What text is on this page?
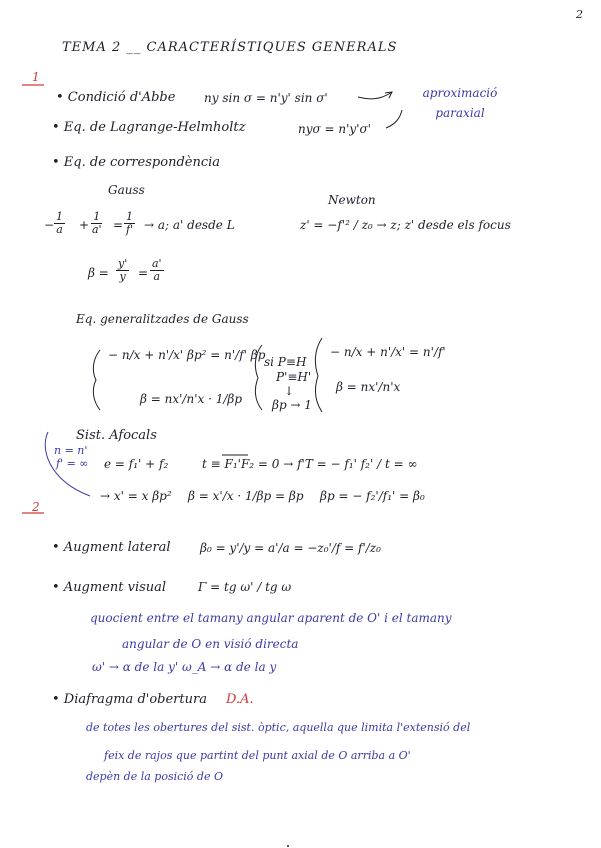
2
TEMA 2 __ CARACTERÍSTIQUES GENERALS
1
• Condició d'Abbe ny sin σ = n'y' sin σ'	aproximació paraxial
• Eq. de Lagrange-Helmholtz	nyσ = n'y'σ'
• Eq. de correspondència
Gauss
Newton
− $\frac{1}{a} + \frac{1}{a'} = \frac{1}{f'} \to a$; a' desde L	z' = −f'² / z₀ → z; z' desde els focus
$\beta = \frac{y'}{y} = \frac{a'}{a}$
Eq. generalitzades de Gauss
− n/x + n'/x' βp² = n'/f' βp
β = nx'/n'x · 1/βp
si P≡H
P'≡H'
↓
βp → 1
− n/x + n'/x' = n'/f'
β = nx'/n'x
Sist. Afocals
n = n'
f' = ∞ e = f₁' + f₂	t ≡ F₁'F₂ = 0 → f'T = − f₁' f₂' / t = ∞
→ x' = x βp² β = x'/x · 1/βp = βp βp = − f₂'/f₁' = β₀
2
• Augment lateral β₀ = y'/y = a'/a = −z₀'/f = f'/z₀
• Augment visual	Γ = tg ω' / tg ω
quocient entre el tamany angular aparent de O' i el tamany
angular de O en visió directa
ω' → α de la y' ω_A → α de la y
• Diafragma d'obertura D.A.
de totes les obertures del sist. òptic, aquella que limita l'extensió del
feix de rajos que partint del punt axial de O arriba a O'
depèn de la posició de O
